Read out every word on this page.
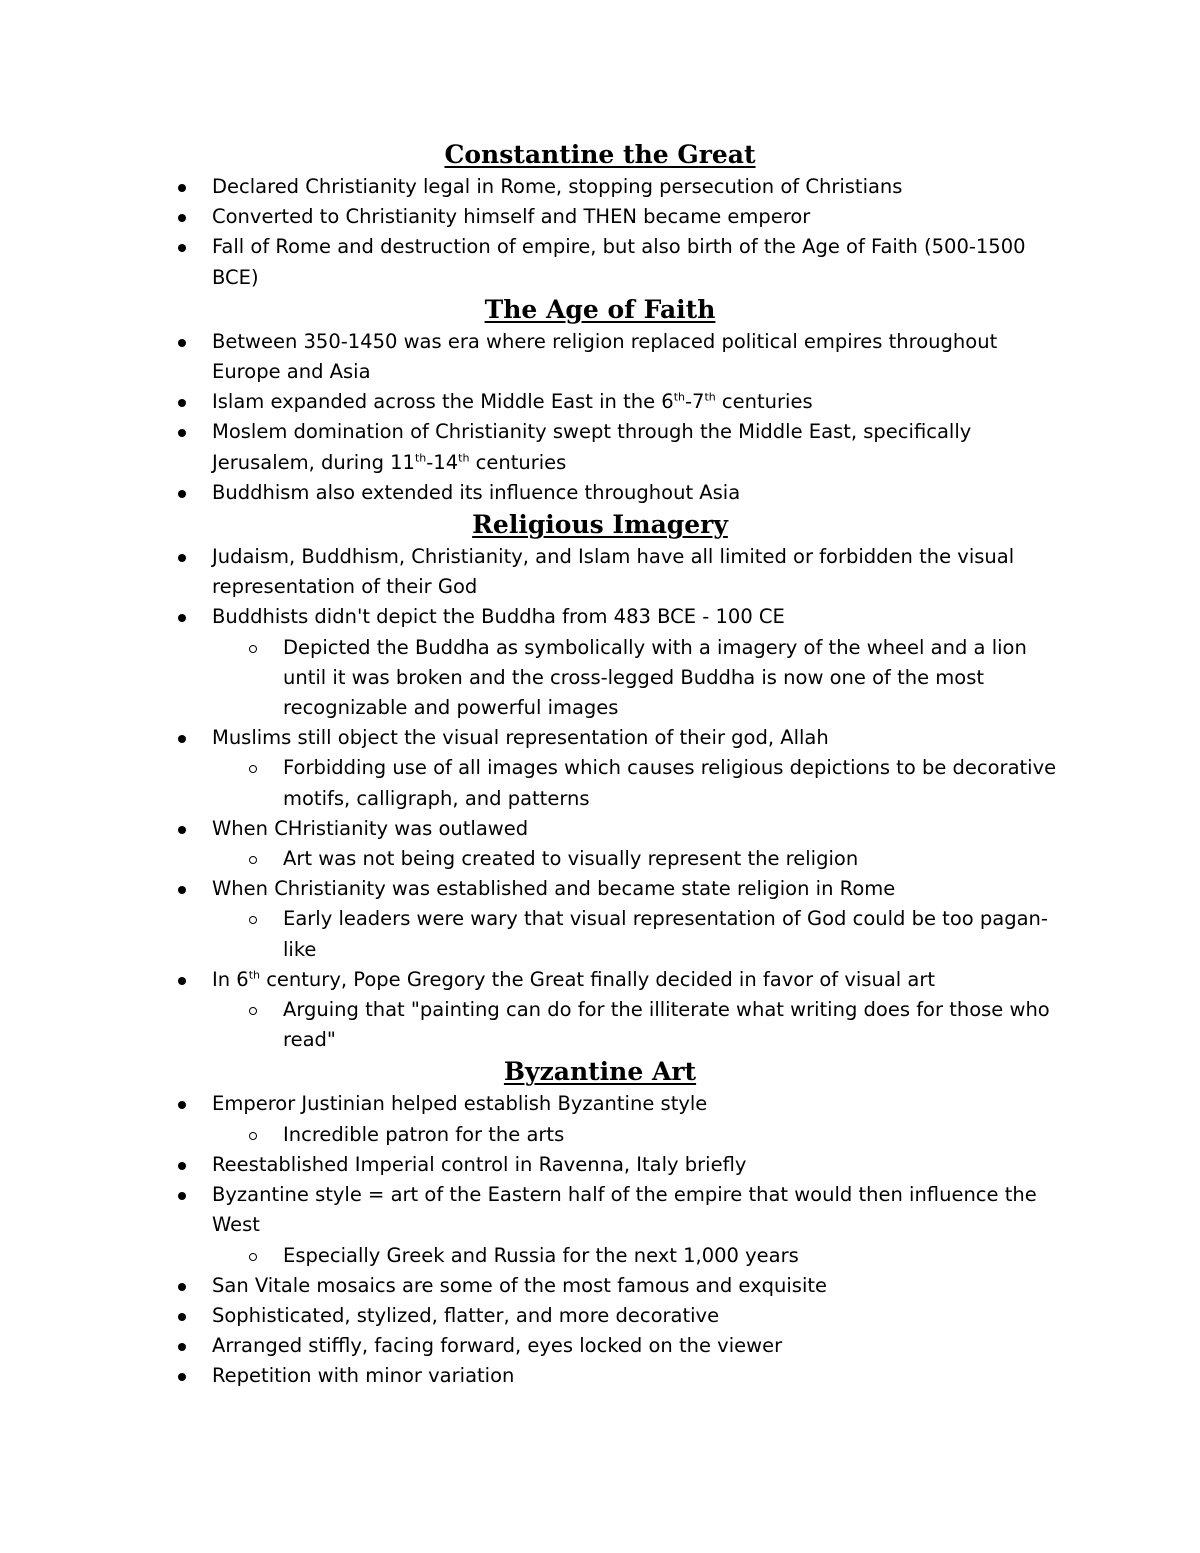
Constantine the Great
Declared Christianity legal in Rome, stopping persecution of Christians
Converted to Christianity himself and THEN became emperor
Fall of Rome and destruction of empire, but also birth of the Age of Faith (500-1500 BCE)
The Age of Faith
Between 350-1450 was era where religion replaced political empires throughout Europe and Asia
Islam expanded across the Middle East in the 6th-7th centuries
Moslem domination of Christianity swept through the Middle East, specifically Jerusalem, during 11th-14th centuries
Buddhism also extended its influence throughout Asia
Religious Imagery
Judaism, Buddhism, Christianity, and Islam have all limited or forbidden the visual representation of their God
Buddhists didn't depict the Buddha from 483 BCE - 100 CE
Depicted the Buddha as symbolically with a imagery of the wheel and a lion until it was broken and the cross-legged Buddha is now one of the most recognizable and powerful images
Muslims still object the visual representation of their god, Allah
Forbidding use of all images which causes religious depictions to be decorative motifs, calligraph, and patterns
When CHristianity was outlawed
Art was not being created to visually represent the religion
When Christianity was established and became state religion in Rome
Early leaders were wary that visual representation of God could be too pagan-like
In 6th century, Pope Gregory the Great finally decided in favor of visual art
Arguing that "painting can do for the illiterate what writing does for those who read"
Byzantine Art
Emperor Justinian helped establish Byzantine style
Incredible patron for the arts
Reestablished Imperial control in Ravenna, Italy briefly
Byzantine style = art of the Eastern half of the empire that would then influence the West
Especially Greek and Russia for the next 1,000 years
San Vitale mosaics are some of the most famous and exquisite
Sophisticated, stylized, flatter, and more decorative
Arranged stiffly, facing forward, eyes locked on the viewer
Repetition with minor variation
